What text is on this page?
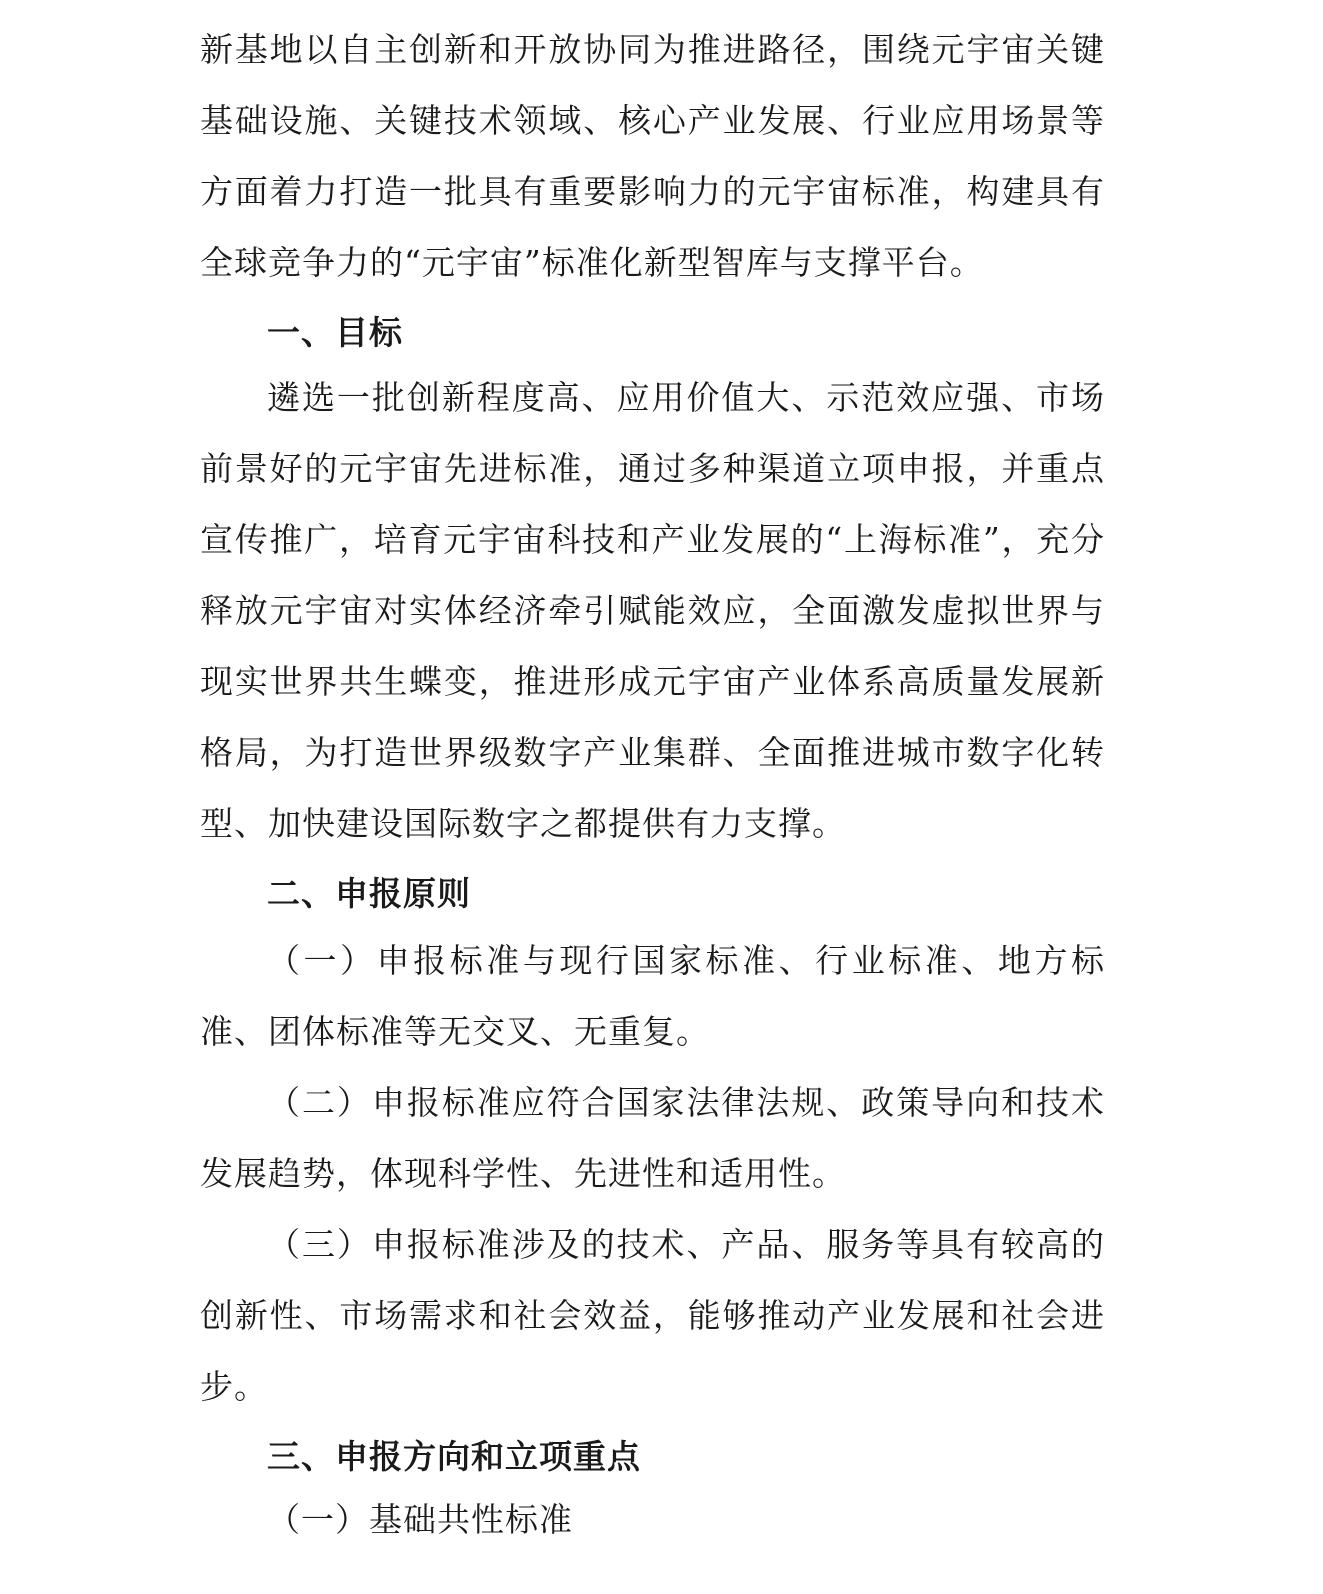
新基地以自主创新和开放协同为推进路径，围绕元宇宙关键基础设施、关键技术领域、核心产业发展、行业应用场景等方面着力打造一批具有重要影响力的元宇宙标准，构建具有全球竞争力的“元宇宙”标准化新型智库与支撑平台。

一、目标

遴选一批创新程度高、应用价值大、示范效应强、市场前景好的元宇宙先进标准，通过多种渠道立项申报，并重点宣传推广，培育元宇宙科技和产业发展的“上海标准”，充分释放元宇宙对实体经济牵引赋能效应，全面激发虚拟世界与现实世界共生蝶变，推进形成元宇宙产业体系高质量发展新格局，为打造世界级数字产业集群、全面推进城市数字化转型、加快建设国际数字之都提供有力支撑。

二、申报原则

（一）申报标准与现行国家标准、行业标准、地方标准、团体标准等无交叉、无重复。

（二）申报标准应符合国家法律法规、政策导向和技术发展趋势，体现科学性、先进性和适用性。

（三）申报标准涉及的技术、产品、服务等具有较高的创新性、市场需求和社会效益，能够推动产业发展和社会进步。

三、申报方向和立项重点

（一）基础共性标准
